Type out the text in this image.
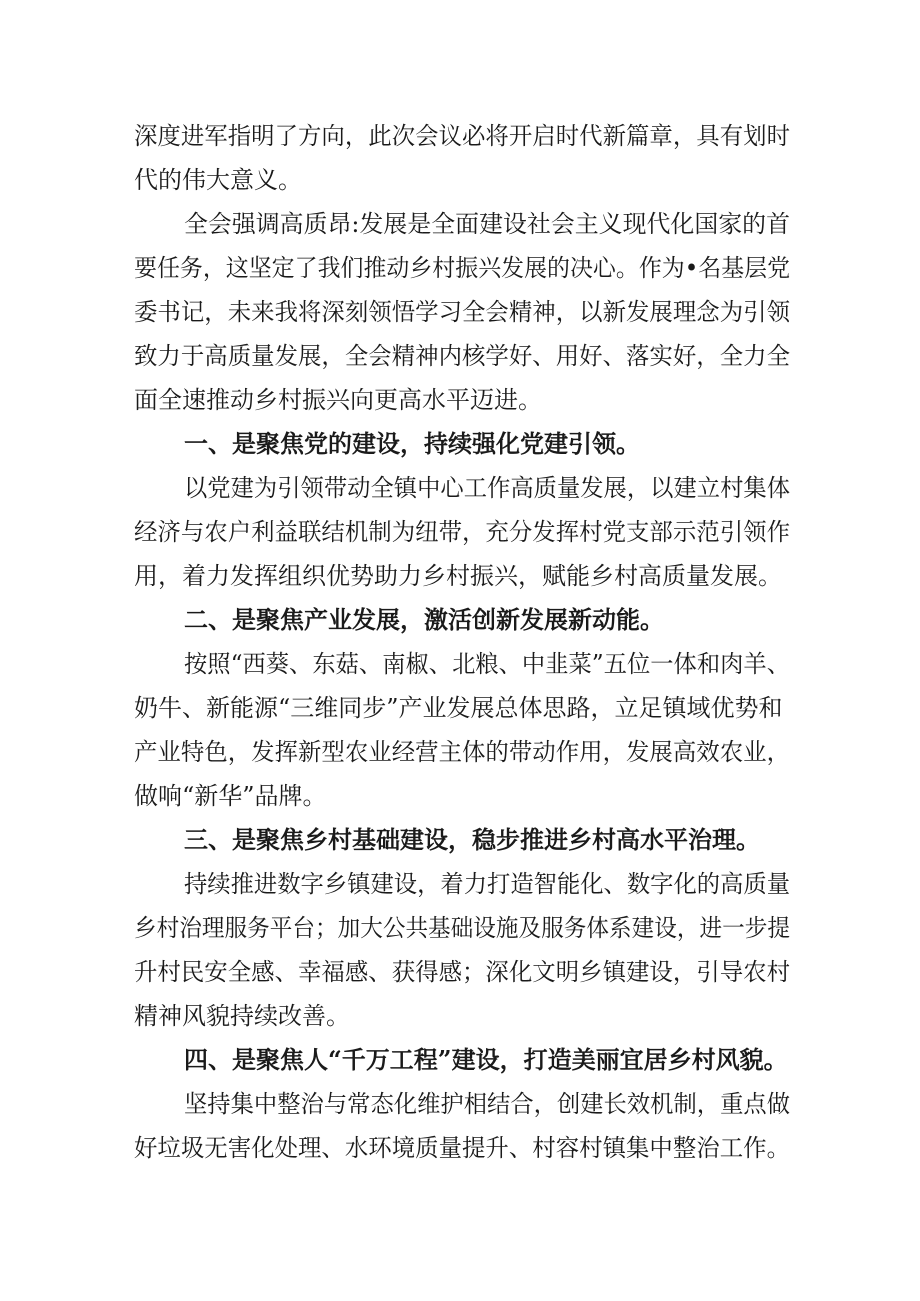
深度进军指明了方向，此次会议必将开启时代新篇章，具有划时
代的伟大意义。
全会强调高质昂:发展是全面建设社会主义现代化国家的首
要任务，这坚定了我们推动乡村振兴发展的决心。作为•名基层党
委书记，未来我将深刻领悟学习全会精神，以新发展理念为引领
致力于高质量发展，全会精神内核学好、用好、落实好，全力全
面全速推动乡村振兴向更高水平迈进。
一、是聚焦党的建设，持续强化党建引领。
以党建为引领带动全镇中心工作高质量发展，以建立村集体
经济与农户利益联结机制为纽带，充分发挥村党支部示范引领作
用，着力发挥组织优势助力乡村振兴，赋能乡村高质量发展。
二、是聚焦产业发展，激活创新发展新动能。
按照“西葵、东菇、南椒、北粮、中韭菜”五位一体和肉羊、
奶牛、新能源“三维同步”产业发展总体思路，立足镇域优势和
产业特色，发挥新型农业经营主体的带动作用，发展高效农业，
做响“新华”品牌。
三、是聚焦乡村基础建设，稳步推进乡村高水平治理。
持续推进数字乡镇建设，着力打造智能化、数字化的高质量
乡村治理服务平台；加大公共基础设施及服务体系建设，进一步提
升村民安全感、幸福感、获得感；深化文明乡镇建设，引导农村
精神风貌持续改善。
四、是聚焦人“千万工程”建设，打造美丽宜居乡村风貌。
坚持集中整治与常态化维护相结合，创建长效机制，重点做
好垃圾无害化处理、水环境质量提升、村容村镇集中整治工作。
